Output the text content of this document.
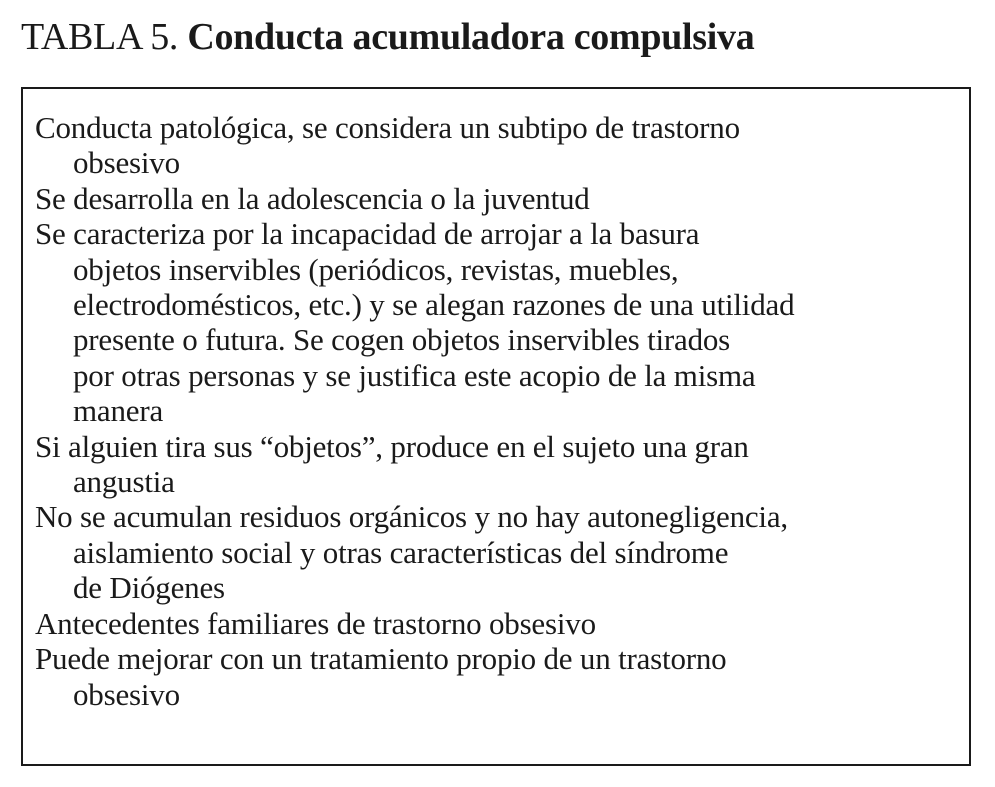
TABLA 5. Conducta acumuladora compulsiva
Conducta patológica, se considera un subtipo de trastorno
obsesivo
Se desarrolla en la adolescencia o la juventud
Se caracteriza por la incapacidad de arrojar a la basura
objetos inservibles (periódicos, revistas, muebles,
electrodomésticos, etc.) y se alegan razones de una utilidad
presente o futura. Se cogen objetos inservibles tirados
por otras personas y se justifica este acopio de la misma
manera
Si alguien tira sus “objetos”, produce en el sujeto una gran
angustia
No se acumulan residuos orgánicos y no hay autonegligencia,
aislamiento social y otras características del síndrome
de Diógenes
Antecedentes familiares de trastorno obsesivo
Puede mejorar con un tratamiento propio de un trastorno
obsesivo
